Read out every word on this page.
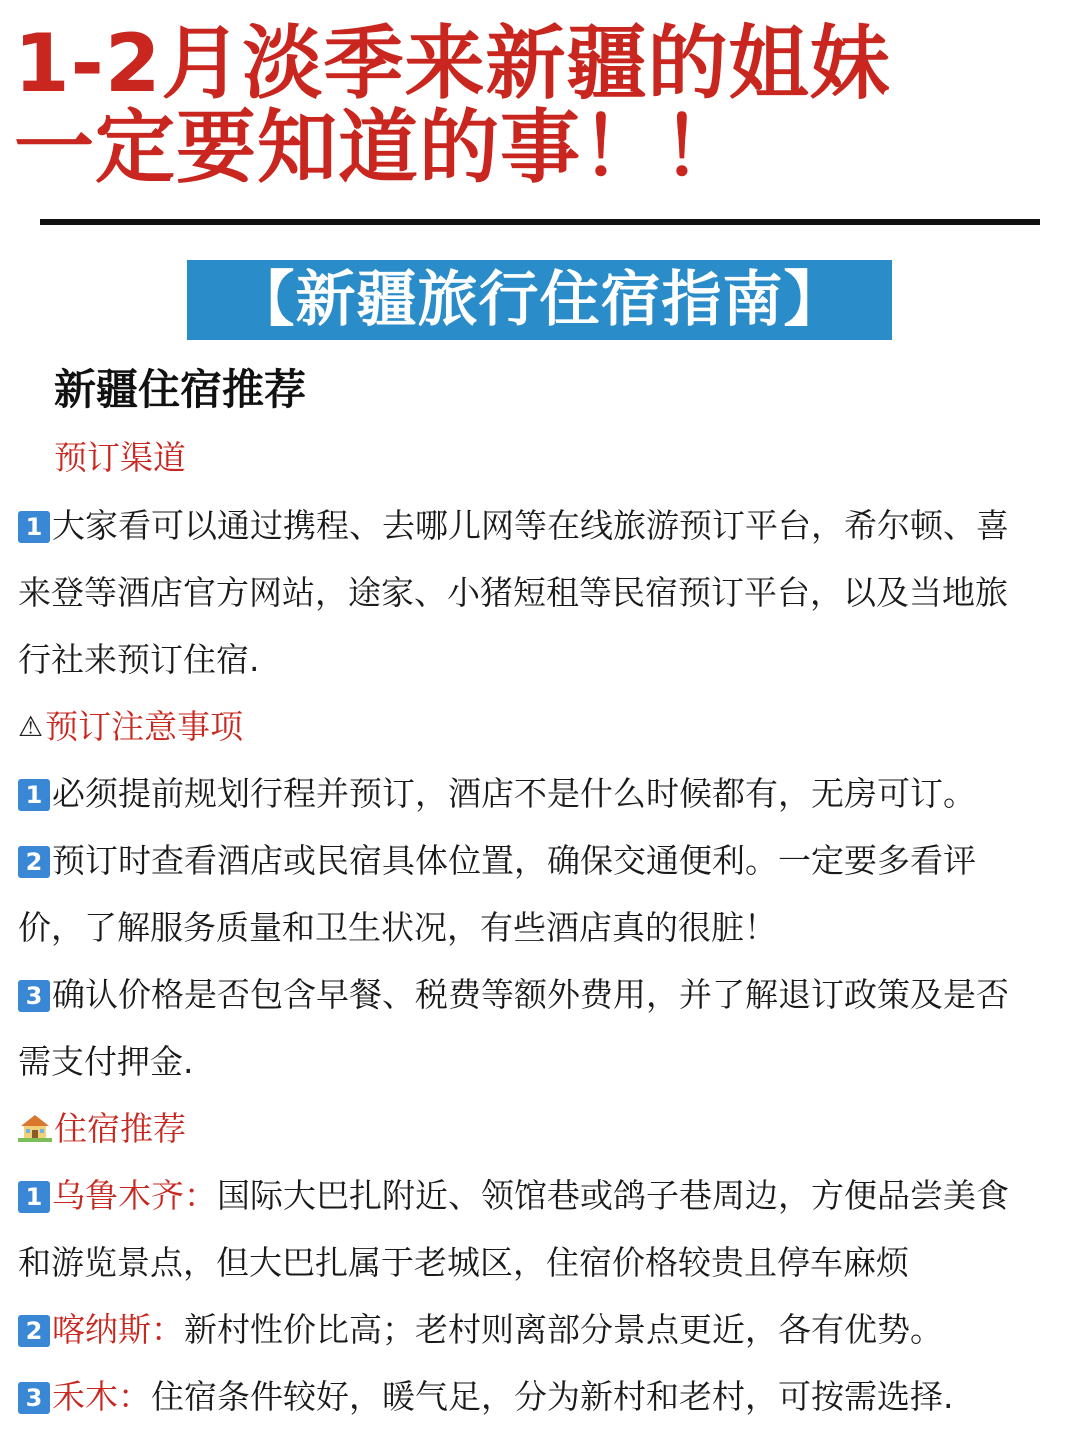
1-2月淡季来新疆的姐妹
一定要知道的事！！
【新疆旅行住宿指南】
新疆住宿推荐
预订渠道
1 大家看可以通过携程、去哪儿网等在线旅游预订平台，希尔顿、喜
来登等酒店官方网站，途家、小猪短租等民宿预订平台，以及当地旅
行社来预订住宿.
⚠预订注意事项
1 必须提前规划行程并预订，酒店不是什么时候都有，无房可订。
2 预订时查看酒店或民宿具体位置，确保交通便利。一定要多看评
价，了解服务质量和卫生状况，有些酒店真的很脏！
3 确认价格是否包含早餐、税费等额外费用，并了解退订政策及是否
需支付押金.
住宿推荐
1 乌鲁木齐：国际大巴扎附近、领馆巷或鸽子巷周边，方便品尝美食
和游览景点，但大巴扎属于老城区，住宿价格较贵且停车麻烦
2 喀纳斯：新村性价比高；老村则离部分景点更近，各有优势。
3 禾木：住宿条件较好，暖气足，分为新村和老村，可按需选择.
